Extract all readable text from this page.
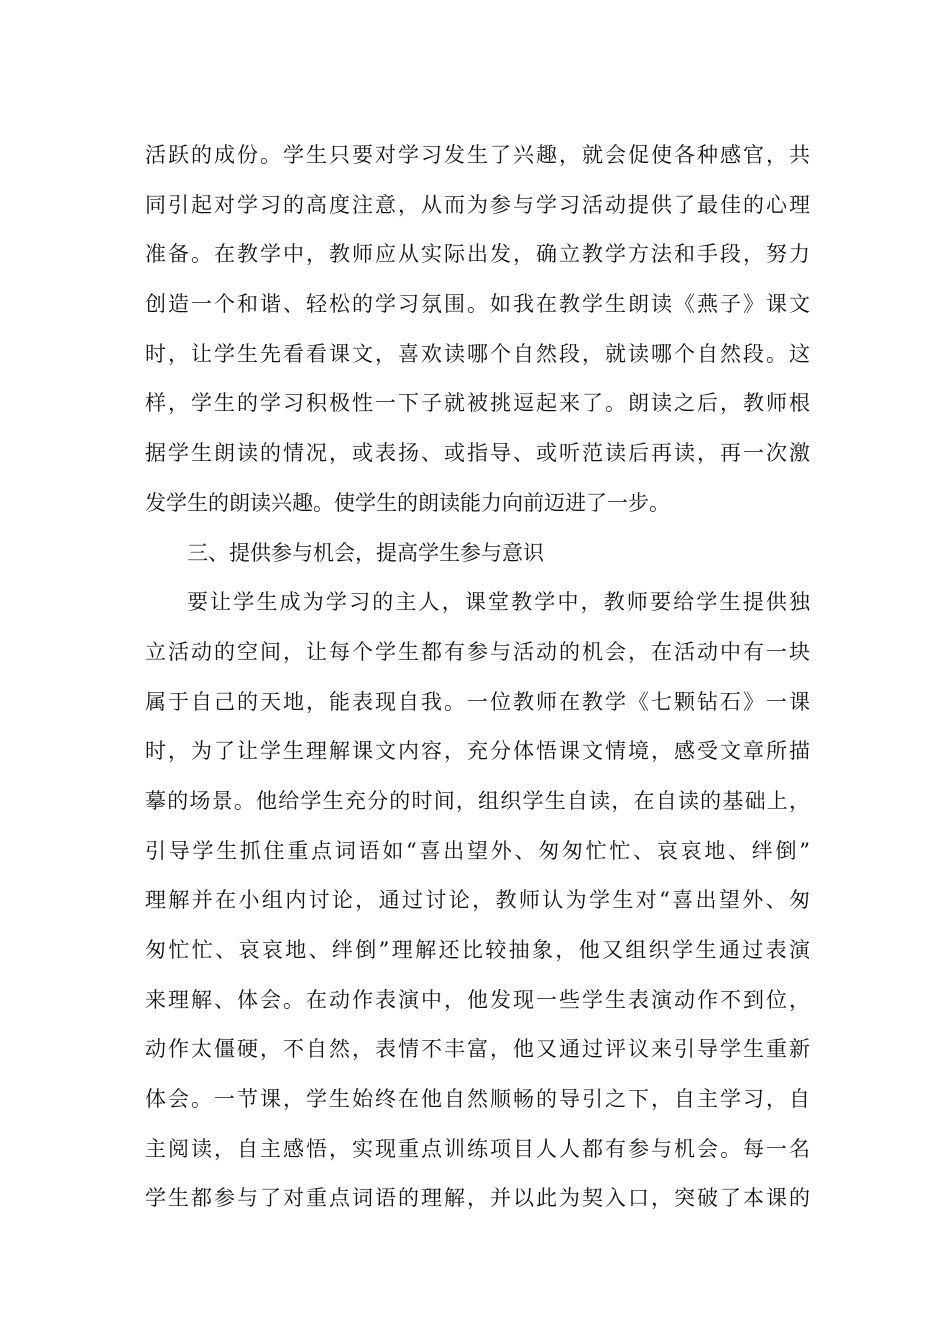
活跃的成份。学生只要对学习发生了兴趣，就会促使各种感官，共
同引起对学习的高度注意，从而为参与学习活动提供了最佳的心理
准备。在教学中，教师应从实际出发，确立教学方法和手段，努力
创造一个和谐、轻松的学习氛围。如我在教学生朗读《燕子》课文
时，让学生先看看课文，喜欢读哪个自然段，就读哪个自然段。这
样，学生的学习积极性一下子就被挑逗起来了。朗读之后，教师根
据学生朗读的情况，或表扬、或指导、或听范读后再读，再一次激
发学生的朗读兴趣。使学生的朗读能力向前迈进了一步。
三、提供参与机会，提高学生参与意识
要让学生成为学习的主人，课堂教学中，教师要给学生提供独
立活动的空间，让每个学生都有参与活动的机会，在活动中有一块
属于自己的天地，能表现自我。一位教师在教学《七颗钻石》一课
时，为了让学生理解课文内容，充分体悟课文情境，感受文章所描
摹的场景。他给学生充分的时间，组织学生自读，在自读的基础上，
引导学生抓住重点词语如“喜出望外、匆匆忙忙、哀哀地、绊倒”
理解并在小组内讨论，通过讨论，教师认为学生对“喜出望外、匆
匆忙忙、哀哀地、绊倒”理解还比较抽象，他又组织学生通过表演
来理解、体会。在动作表演中，他发现一些学生表演动作不到位，
动作太僵硬，不自然，表情不丰富，他又通过评议来引导学生重新
体会。一节课，学生始终在他自然顺畅的导引之下，自主学习，自
主阅读，自主感悟，实现重点训练项目人人都有参与机会。每一名
学生都参与了对重点词语的理解，并以此为契入口，突破了本课的
